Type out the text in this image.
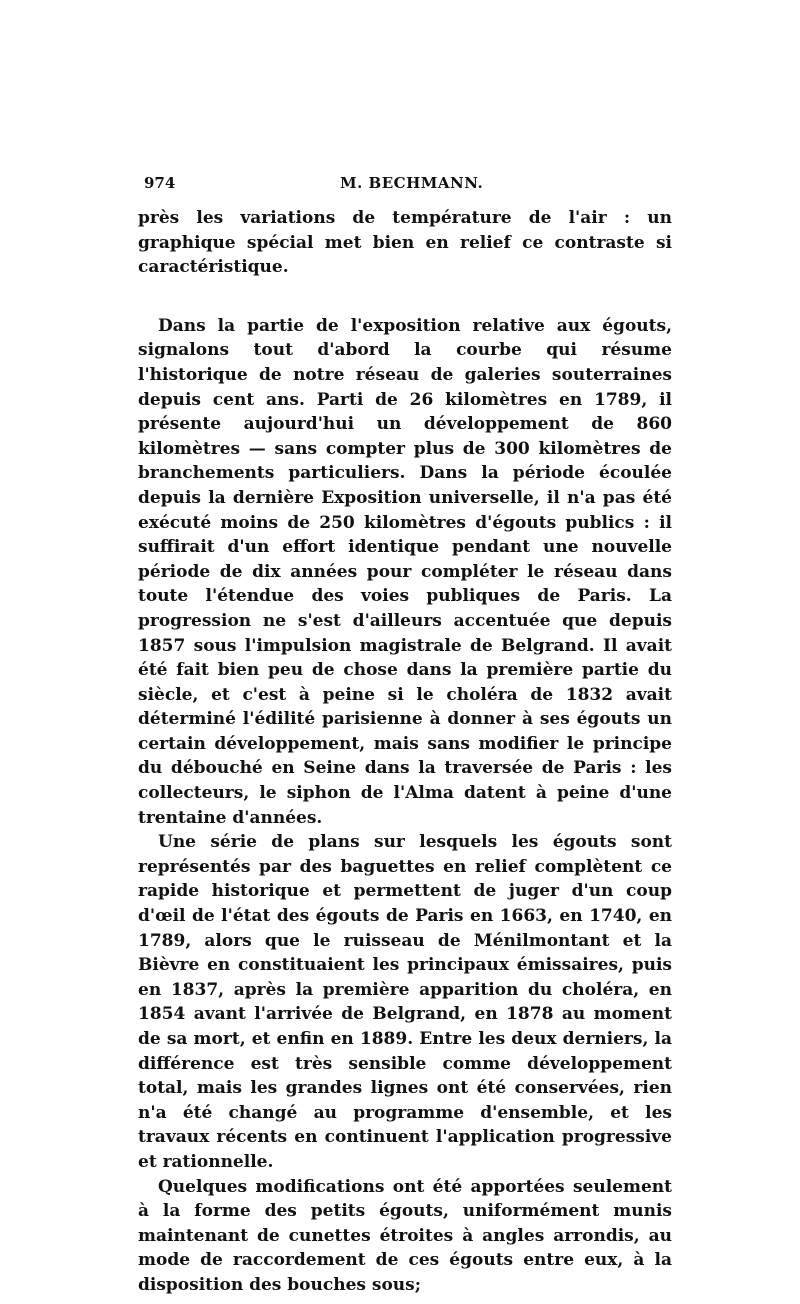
974	M. BECHMANN.

près les variations de température de l'air : un graphique spécial met bien en relief ce contraste si caractéristique.

Dans la partie de l'exposition relative aux égouts, signalons tout d'abord la courbe qui résume l'historique de notre réseau de galeries souterraines depuis cent ans. Parti de 26 kilomètres en 1789, il présente aujourd'hui un développement de 860 kilomètres — sans compter plus de 300 kilomètres de branchements particuliers. Dans la période écoulée depuis la dernière Exposition universelle, il n'a pas été exécuté moins de 250 kilomètres d'égouts publics : il suffirait d'un effort identique pendant une nouvelle période de dix années pour compléter le réseau dans toute l'étendue des voies publiques de Paris. La progression ne s'est d'ailleurs accentuée que depuis 1857 sous l'impulsion magistrale de Belgrand. Il avait été fait bien peu de chose dans la première partie du siècle, et c'est à peine si le choléra de 1832 avait déterminé l'édilité parisienne à donner à ses égouts un certain développement, mais sans modifier le principe du débouché en Seine dans la traversée de Paris : les collecteurs, le siphon de l'Alma datent à peine d'une trentaine d'années.

Une série de plans sur lesquels les égouts sont représentés par des baguettes en relief complètent ce rapide historique et permettent de juger d'un coup d'œil de l'état des égouts de Paris en 1663, en 1740, en 1789, alors que le ruisseau de Ménilmontant et la Bièvre en constituaient les principaux émissaires, puis en 1837, après la première apparition du choléra, en 1854 avant l'arrivée de Belgrand, en 1878 au moment de sa mort, et enfin en 1889. Entre les deux derniers, la différence est très sensible comme développement total, mais les grandes lignes ont été conservées, rien n'a été changé au programme d'ensemble, et les travaux récents en continuent l'application progressive et rationnelle.

Quelques modifications ont été apportées seulement à la forme des petits égouts, uniformément munis maintenant de cunettes étroites à angles arrondis, au mode de raccordement de ces égouts entre eux, à la disposition des bouches sous;
